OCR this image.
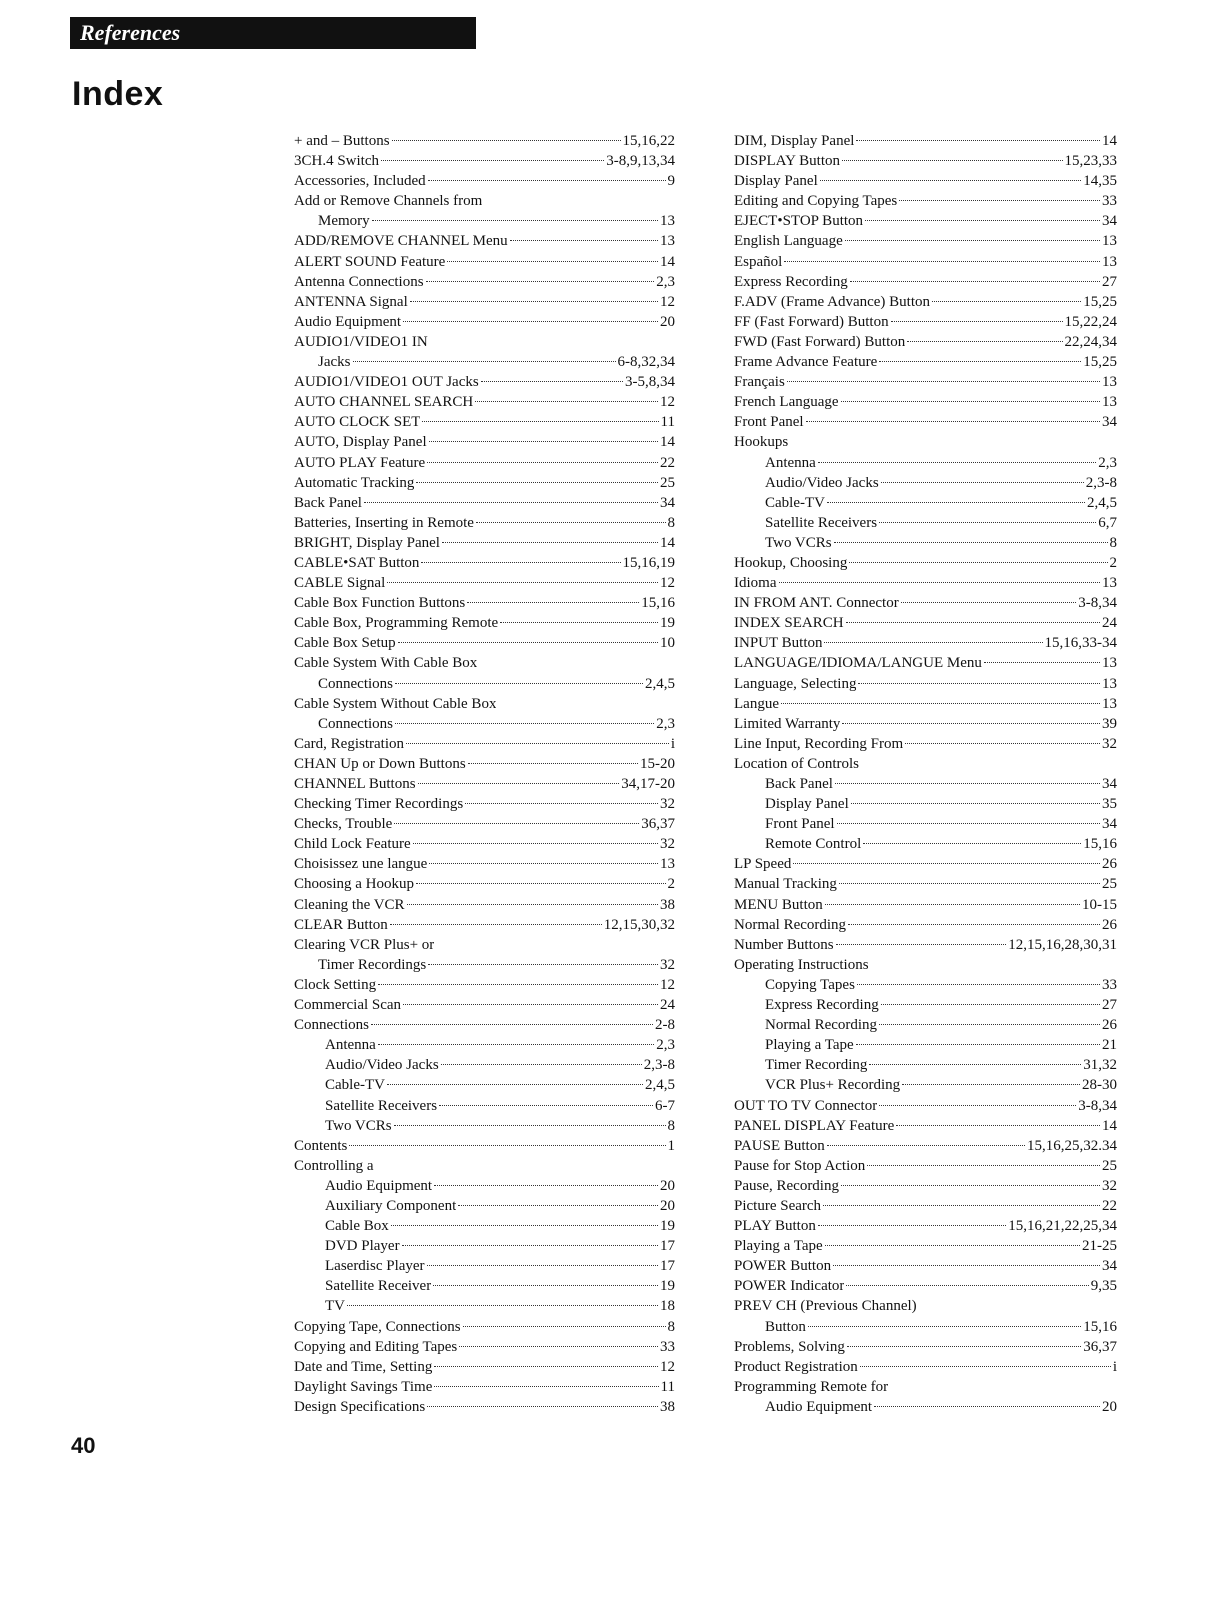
References
Index
+ and – Buttons	15,16,22
3CH.4 Switch	3-8,9,13,34
Accessories, Included	9
Add or Remove Channels from
Memory	13
ADD/REMOVE CHANNEL Menu	13
ALERT SOUND Feature	14
Antenna Connections	2,3
ANTENNA Signal	12
Audio Equipment	20
AUDIO1/VIDEO1 IN
Jacks	6-8,32,34
AUDIO1/VIDEO1 OUT Jacks	3-5,8,34
AUTO CHANNEL SEARCH	12
AUTO CLOCK SET	11
AUTO, Display Panel	14
AUTO PLAY Feature	22
Automatic Tracking	25
Back Panel	34
Batteries, Inserting in Remote	8
BRIGHT, Display Panel	14
CABLE•SAT Button	15,16,19
CABLE Signal	12
Cable Box Function Buttons	15,16
Cable Box, Programming Remote	19
Cable Box Setup	10
Cable System With Cable Box
Connections	2,4,5
Cable System Without Cable Box
Connections	2,3
Card, Registration	i
CHAN Up or Down Buttons	15-20
CHANNEL Buttons	34,17-20
Checking Timer Recordings	32
Checks, Trouble	36,37
Child Lock Feature	32
Choisissez une langue	13
Choosing a Hookup	2
Cleaning the VCR	38
CLEAR Button	12,15,30,32
Clearing VCR Plus+ or
Timer Recordings	32
Clock Setting	12
Commercial Scan	24
Connections	2-8
Antenna	2,3
Audio/Video Jacks	2,3-8
Cable-TV	2,4,5
Satellite Receivers	6-7
Two VCRs	8
Contents	1
Controlling a
Audio Equipment	20
Auxiliary Component	20
Cable Box	19
DVD Player	17
Laserdisc Player	17
Satellite Receiver	19
TV	18
Copying Tape, Connections	8
Copying and Editing Tapes	33
Date and Time, Setting	12
Daylight Savings Time	11
Design Specifications	38
DIM, Display Panel	14
DISPLAY Button	15,23,33
Display Panel	14,35
Editing and Copying Tapes	33
EJECT•STOP Button	34
English Language	13
Español	13
Express Recording	27
F.ADV (Frame Advance) Button	15,25
FF (Fast Forward) Button	15,22,24
FWD (Fast Forward) Button	22,24,34
Frame Advance Feature	15,25
Français	13
French Language	13
Front Panel	34
Hookups
Antenna	2,3
Audio/Video Jacks	2,3-8
Cable-TV	2,4,5
Satellite Receivers	6,7
Two VCRs	8
Hookup, Choosing	2
Idioma	13
IN FROM ANT. Connector	3-8,34
INDEX SEARCH	24
INPUT Button	15,16,33-34
LANGUAGE/IDIOMA/LANGUE Menu	13
Language, Selecting	13
Langue	13
Limited Warranty	39
Line Input, Recording From	32
Location of Controls
Back Panel	34
Display Panel	35
Front Panel	34
Remote Control	15,16
LP Speed	26
Manual Tracking	25
MENU Button	10-15
Normal Recording	26
Number Buttons	12,15,16,28,30,31
Operating Instructions
Copying Tapes	33
Express Recording	27
Normal Recording	26
Playing a Tape	21
Timer Recording	31,32
VCR Plus+ Recording	28-30
OUT TO TV Connector	3-8,34
PANEL DISPLAY Feature	14
PAUSE Button	15,16,25,32.34
Pause for Stop Action	25
Pause, Recording	32
Picture Search	22
PLAY Button	15,16,21,22,25,34
Playing a Tape	21-25
POWER Button	34
POWER Indicator	9,35
PREV CH (Previous Channel)
Button	15,16
Problems, Solving	36,37
Product Registration	i
Programming Remote for
Audio Equipment	20
40
